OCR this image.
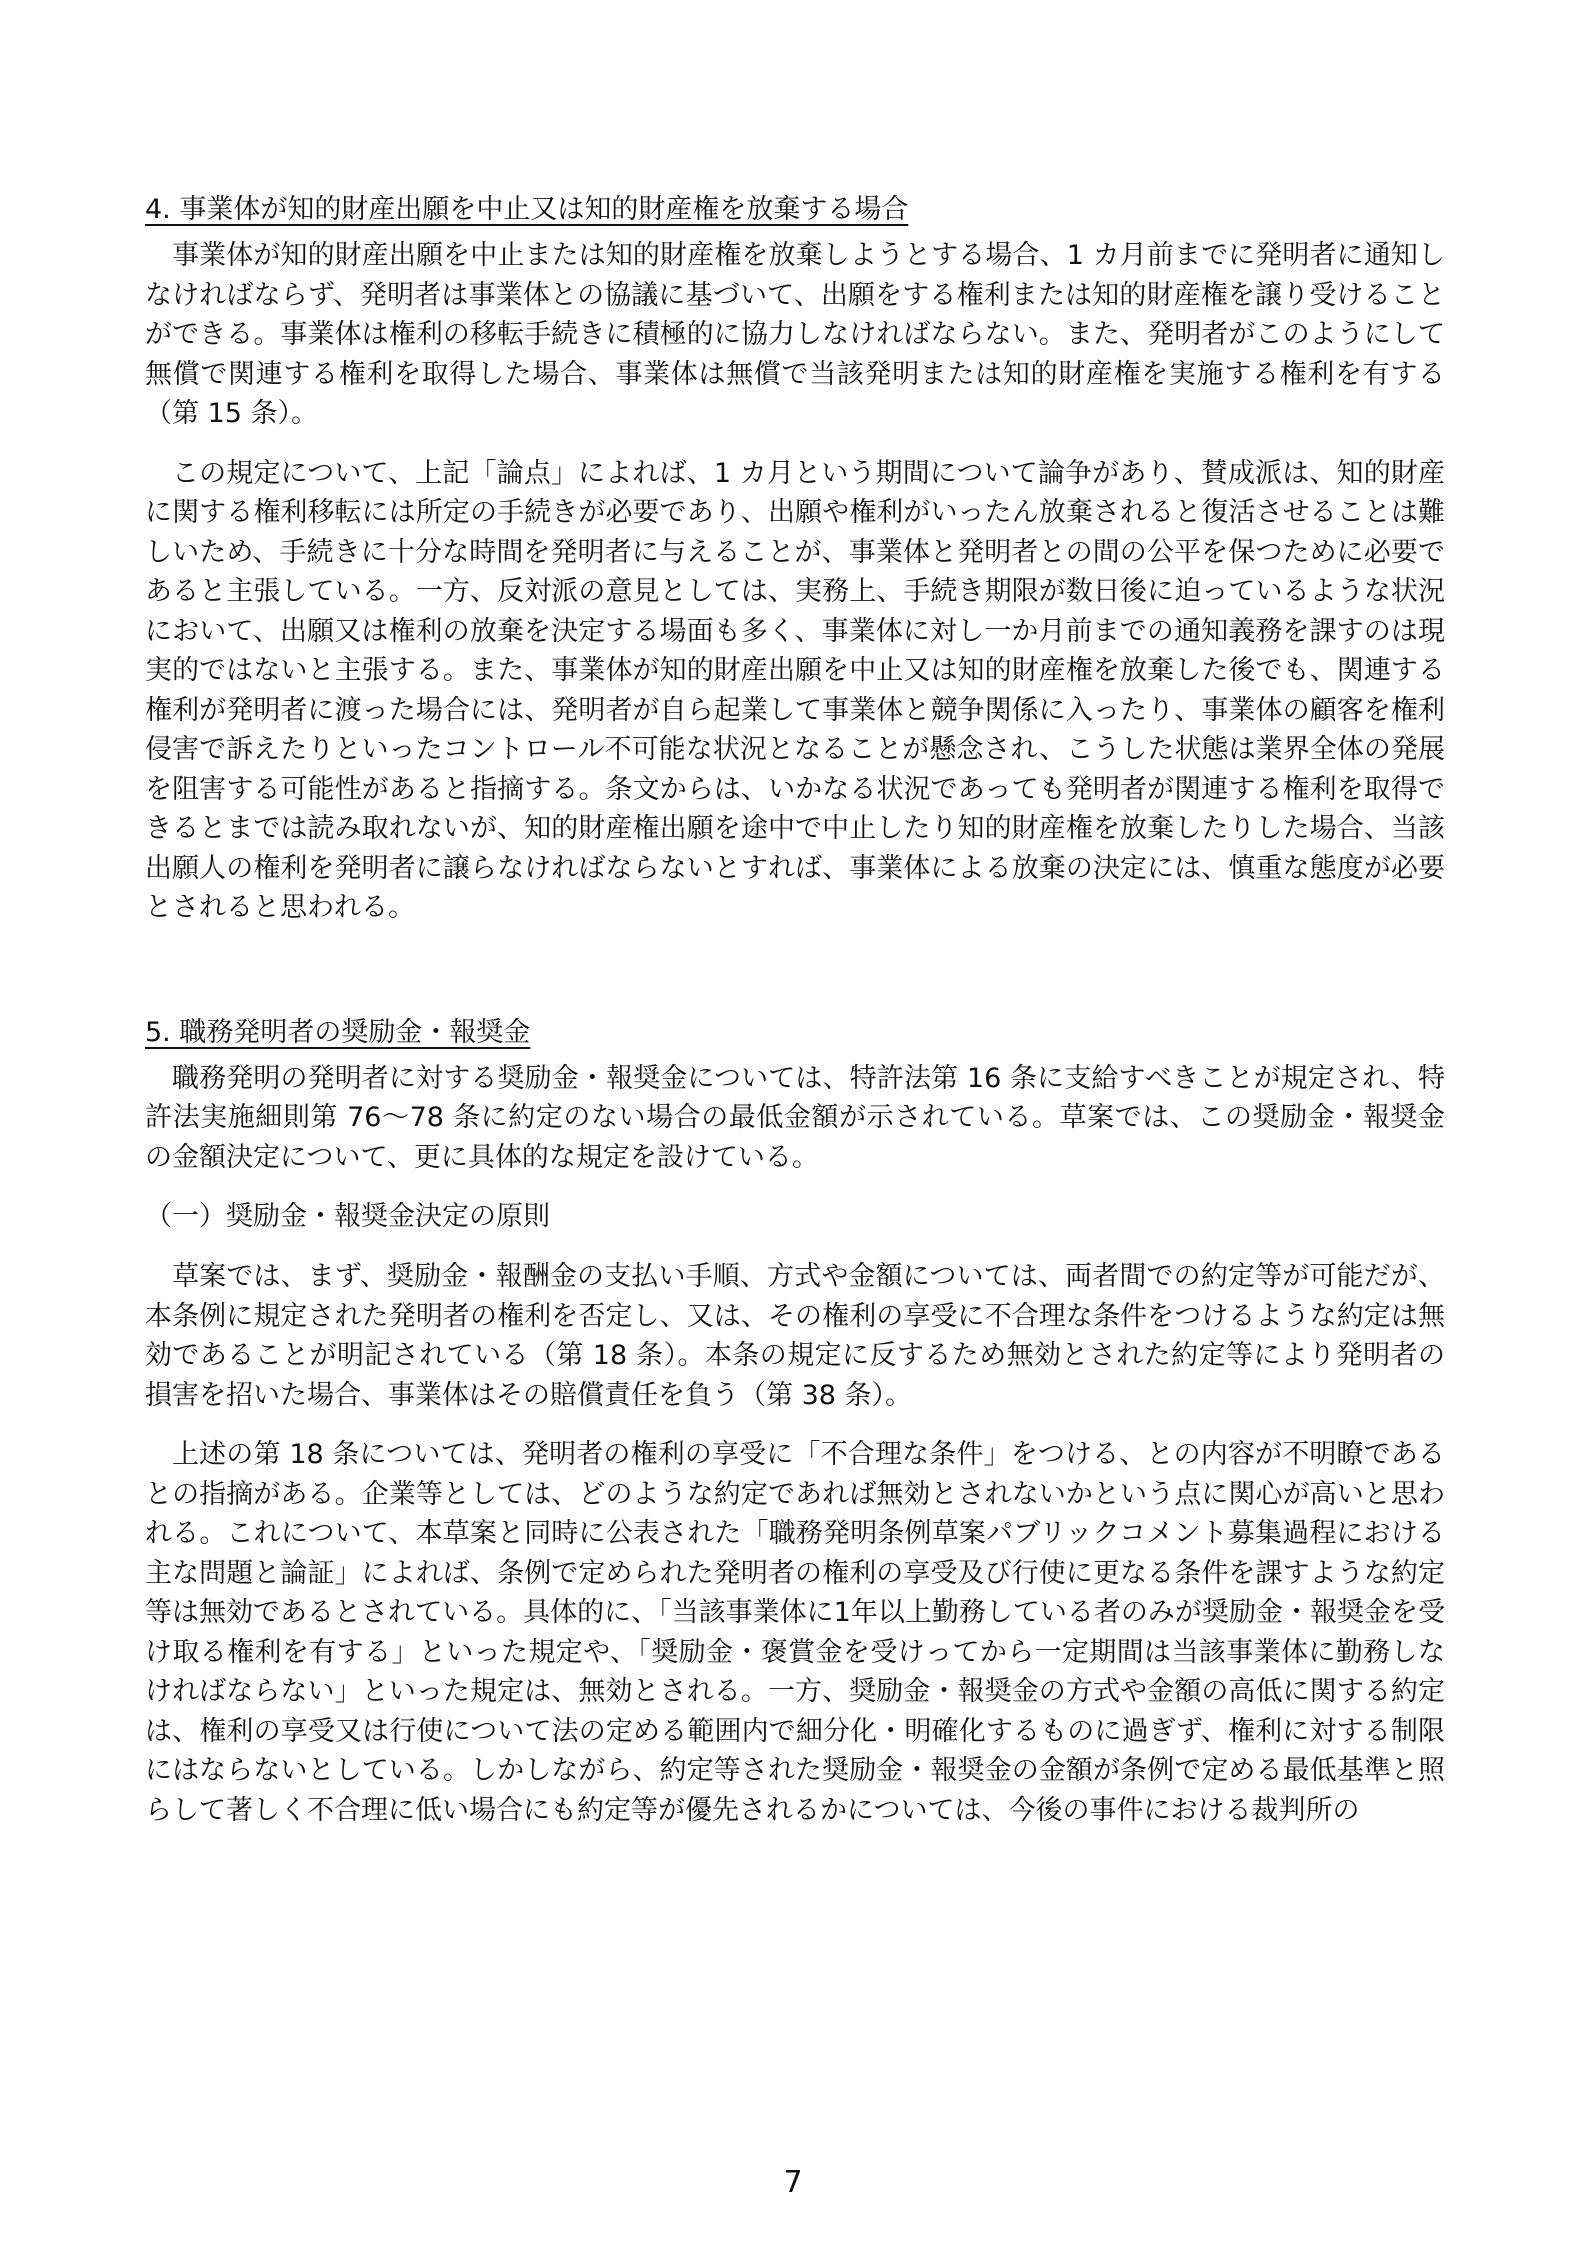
4. 事業体が知的財産出願を中止又は知的財産権を放棄する場合

事業体が知的財産出願を中止または知的財産権を放棄しようとする場合、1 カ月前までに発明者に通知しなければならず、発明者は事業体との協議に基づいて、出願をする権利または知的財産権を譲り受けることができる。事業体は権利の移転手続きに積極的に協力しなければならない。また、発明者がこのようにして無償で関連する権利を取得した場合、事業体は無償で当該発明または知的財産権を実施する権利を有する（第 15 条）。

この規定について、上記「論点」によれば、1 カ月という期間について論争があり、賛成派は、知的財産に関する権利移転には所定の手続きが必要であり、出願や権利がいったん放棄されると復活させることは難しいため、手続きに十分な時間を発明者に与えることが、事業体と発明者との間の公平を保つために必要であると主張している。一方、反対派の意見としては、実務上、手続き期限が数日後に迫っているような状況において、出願又は権利の放棄を決定する場面も多く、事業体に対し一か月前までの通知義務を課すのは現実的ではないと主張する。また、事業体が知的財産出願を中止又は知的財産権を放棄した後でも、関連する権利が発明者に渡った場合には、発明者が自ら起業して事業体と競争関係に入ったり、事業体の顧客を権利侵害で訴えたりといったコントロール不可能な状況となることが懸念され、こうした状態は業界全体の発展を阻害する可能性があると指摘する。条文からは、いかなる状況であっても発明者が関連する権利を取得できるとまでは読み取れないが、知的財産権出願を途中で中止したり知的財産権を放棄したりした場合、当該出願人の権利を発明者に譲らなければならないとすれば、事業体による放棄の決定には、慎重な態度が必要とされると思われる。

5. 職務発明者の奨励金・報奨金

職務発明の発明者に対する奨励金・報奨金については、特許法第 16 条に支給すべきことが規定され、特許法実施細則第 76～78 条に約定のない場合の最低金額が示されている。草案では、この奨励金・報奨金の金額決定について、更に具体的な規定を設けている。

（一）奨励金・報奨金決定の原則

草案では、まず、奨励金・報酬金の支払い手順、方式や金額については、両者間での約定等が可能だが、本条例に規定された発明者の権利を否定し、又は、その権利の享受に不合理な条件をつけるような約定は無効であることが明記されている（第 18 条）。本条の規定に反するため無効とされた約定等により発明者の損害を招いた場合、事業体はその賠償責任を負う（第 38 条）。

上述の第 18 条については、発明者の権利の享受に「不合理な条件」をつける、との内容が不明瞭であるとの指摘がある。企業等としては、どのような約定であれば無効とされないかという点に関心が高いと思われる。これについて、本草案と同時に公表された「職務発明条例草案パブリックコメント募集過程における主な問題と論証」によれば、条例で定められた発明者の権利の享受及び行使に更なる条件を課すような約定等は無効であるとされている。具体的に、「当該事業体に1年以上勤務している者のみが奨励金・報奨金を受け取る権利を有する」といった規定や、「奨励金・褒賞金を受けってから一定期間は当該事業体に勤務しなければならない」といった規定は、無効とされる。一方、奨励金・報奨金の方式や金額の高低に関する約定は、権利の享受又は行使について法の定める範囲内で細分化・明確化するものに過ぎず、権利に対する制限にはならないとしている。しかしながら、約定等された奨励金・報奨金の金額が条例で定める最低基準と照らして著しく不合理に低い場合にも約定等が優先されるかについては、今後の事件における裁判所の

7
